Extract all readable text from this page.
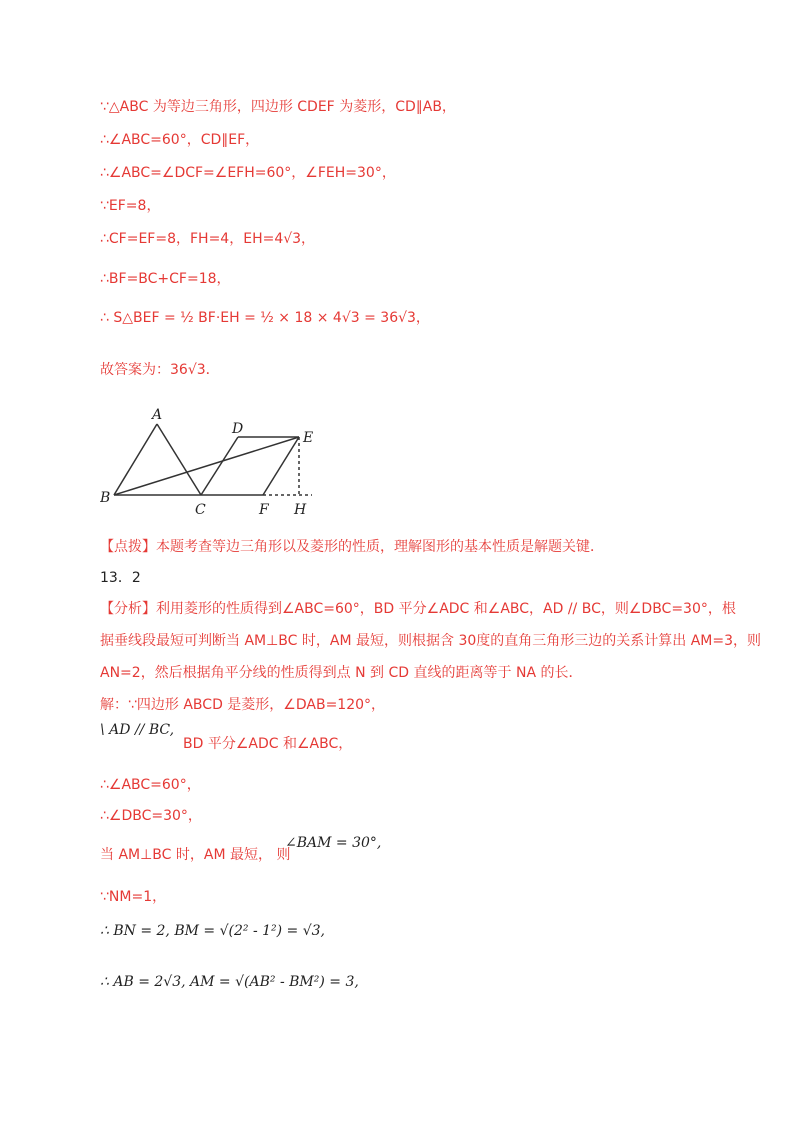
∵△ABC 为等边三角形，四边形 CDEF 为菱形，CD∥AB，
∴∠ABC=60°，CD∥EF，
∴∠ABC=∠DCF=∠EFH=60°，∠FEH=30°，
∵EF=8，
∴CF=EF=8，FH=4，EH=4√3，
∴BF=BC+CF=18，
∴ S△BEF = ½ BF⋅EH = ½ × 18 × 4√3 = 36√3，
故答案为：36√3．
A
B
C
D
E
F H
【点拨】本题考查等边三角形以及菱形的性质，理解图形的基本性质是解题关键．
13．2
【分析】利用菱形的性质得到∠ABC=60°，BD 平分∠ADC 和∠ABC，AD // BC，则∠DBC=30°，根
据垂线段最短可判断当 AM⊥BC 时，AM 最短，则根据含 30度的直角三角形三边的关系计算出 AM=3，则
AN=2，然后根据角平分线的性质得到点 N 到 CD 直线的距离等于 NA 的长．
解：∵四边形 ABCD 是菱形，∠DAB=120°，
\ AD // BC,
BD 平分∠ADC 和∠ABC，
∴∠ABC=60°，
∴∠DBC=30°，
当 AM⊥BC 时，AM 最短， 则
∠BAM = 30°,
∵NM=1，
∴ BN = 2, BM = √(2² - 1²) = √3,
∴ AB = 2√3, AM = √(AB² - BM²) = 3,
